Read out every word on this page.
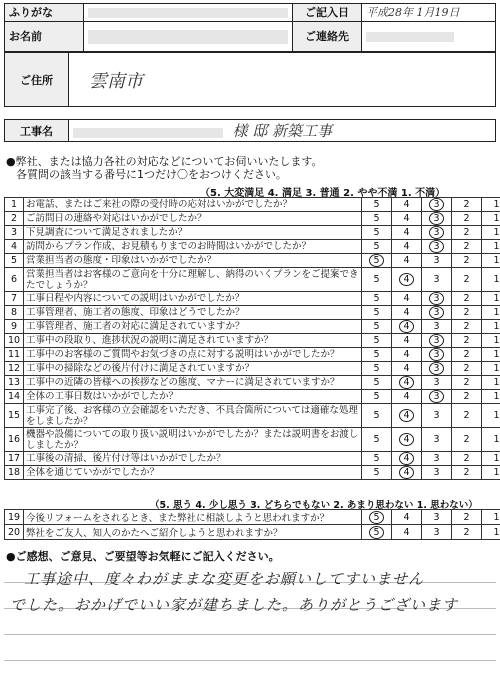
ふりがな		ご記入日	平成28年 1月19日
お名前		ご連絡先	
ご住所	雲南市
工事名	様 邸 新築工事
●弊社、または協力各社の対応などについてお伺いいたします。
各質問の該当する番号に1つだけ〇をおつけください。
（5. 大変満足 4. 満足 3. 普通 2. やや不満 1. 不満）
1	お電話、またはご来社の際の受付時の応対はいかがでしたか？	5	4	3	2	1
2	ご訪問日の連絡や対応はいかがでしたか？	5	4	3	2	1
3	下見調査について満足されましたか？	5	4	3	2	1
4	訪問からプラン作成、お見積もりまでのお時間はいかがでしたか？	5	4	3	2	1
5	営業担当者の態度・印象はいかがでしたか？	5	4	3	2	1
6	営業担当者はお客様のご意向を十分に理解し、納得のいくプランをご提案できたでしょうか？	5	4	3	2	1
7	工事日程や内容についての説明はいかがでしたか？	5	4	3	2	1
8	工事管理者、施工者の態度、印象はどうでしたか？	5	4	3	2	1
9	工事管理者、施工者の対応に満足されていますか？	5	4	3	2	1
10	工事中の段取り、進捗状況の説明に満足されていますか？	5	4	3	2	1
11	工事中のお客様のご質問やお気づきの点に対する説明はいかがでしたか？	5	4	3	2	1
12	工事中の掃除などの後片付けに満足されていますか？	5	4	3	2	1
13	工事中の近隣の皆様への挨拶などの態度、マナーに満足されていますか？	5	4	3	2	1
14	全体の工事日数はいかがでしたか？	5	4	3	2	1
15	工事完了後、お客様の立会確認をいただき、不具合箇所については適確な処理をしましたか？	5	4	3	2	1
16	機器や設備についての取り扱い説明はいかがでしたか？または説明書をお渡ししましたか？	5	4	3	2	1
17	工事後の清掃、後片付け等はいかがでしたか？	5	4	3	2	1
18	全体を通じていかがでしたか？	5	4	3	2	1
（5. 思う 4. 少し思う 3. どちらでもない 2. あまり思わない 1. 思わない）
19	今後リフォームをされるとき、また弊社に相談しようと思われますか？	5	4	3	2	1
20	弊社をご友人、知人のかたへご紹介しようと思われますか？	5	4	3	2	1
●ご感想、ご意見、ご要望等お気軽にご記入ください。
工事途中、度々わがままな変更をお願いしてすいません
でした。おかげでいい家が建ちました。ありがとうございます
